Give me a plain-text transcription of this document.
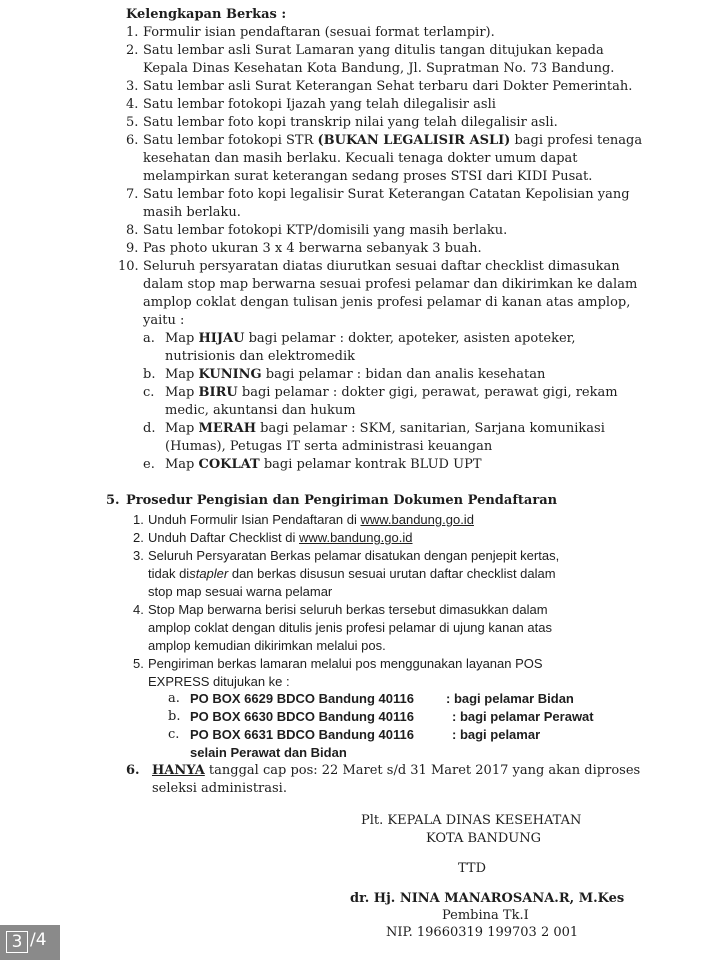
Kelengkapan Berkas :
1. Formulir isian pendaftaran (sesuai format terlampir).
2. Satu lembar asli Surat Lamaran yang ditulis tangan ditujukan kepada
Kepala Dinas Kesehatan Kota Bandung, Jl. Supratman No. 73 Bandung.
3. Satu lembar asli Surat Keterangan Sehat terbaru dari Dokter Pemerintah.
4. Satu lembar fotokopi Ijazah yang telah dilegalisir asli
5. Satu lembar foto kopi transkrip nilai yang telah dilegalisir asli.
6. Satu lembar fotokopi STR (BUKAN LEGALISIR ASLI) bagi profesi tenaga
kesehatan dan masih berlaku. Kecuali tenaga dokter umum dapat
melampirkan surat keterangan sedang proses STSI dari KIDI Pusat.
7. Satu lembar foto kopi legalisir Surat Keterangan Catatan Kepolisian yang
masih berlaku.
8. Satu lembar fotokopi KTP/domisili yang masih berlaku.
9. Pas photo ukuran 3 x 4 berwarna sebanyak 3 buah.
10. Seluruh persyaratan diatas diurutkan sesuai daftar checklist dimasukan
dalam stop map berwarna sesuai profesi pelamar dan dikirimkan ke dalam
amplop coklat dengan tulisan jenis profesi pelamar di kanan atas amplop,
yaitu :
a. Map HIJAU bagi pelamar : dokter, apoteker, asisten apoteker,
nutrisionis dan elektromedik
b. Map KUNING bagi pelamar : bidan dan analis kesehatan
c. Map BIRU bagi pelamar : dokter gigi, perawat, perawat gigi, rekam
medic, akuntansi dan hukum
d. Map MERAH bagi pelamar : SKM, sanitarian, Sarjana komunikasi
(Humas), Petugas IT serta administrasi keuangan
e. Map COKLAT bagi pelamar kontrak BLUD UPT
5. Prosedur Pengisian dan Pengiriman Dokumen Pendaftaran
1. Unduh Formulir Isian Pendaftaran di www.bandung.go.id
2. Unduh Daftar Checklist di www.bandung.go.id
3. Seluruh Persyaratan Berkas pelamar disatukan dengan penjepit kertas,
tidak distapler dan berkas disusun sesuai urutan daftar checklist dalam
stop map sesuai warna pelamar
4. Stop Map berwarna berisi seluruh berkas tersebut dimasukkan dalam
amplop coklat dengan ditulis jenis profesi pelamar di ujung kanan atas
amplop kemudian dikirimkan melalui pos.
5. Pengiriman berkas lamaran melalui pos menggunakan layanan POS
EXPRESS ditujukan ke :
a. PO BOX 6629 BDCO Bandung 40116 : bagi pelamar Bidan
b. PO BOX 6630 BDCO Bandung 40116	: bagi pelamar Perawat
c. PO BOX 6631 BDCO Bandung 40116	: bagi pelamar
selain Perawat dan Bidan
6. HANYA tanggal cap pos: 22 Maret s/d 31 Maret 2017 yang akan diproses
seleksi administrasi.
Plt. KEPALA DINAS KESEHATAN
KOTA BANDUNG
TTD
dr. Hj. NINA MANAROSANA.R, M.Kes
Pembina Tk.I
NIP. 19660319 199703 2 001
3 /4
